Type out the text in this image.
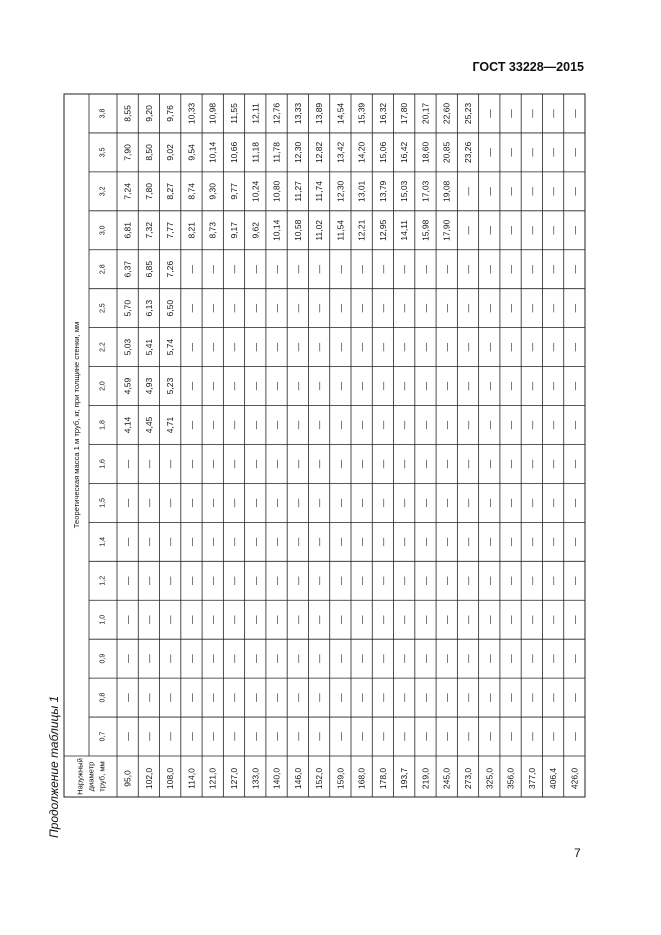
ГОСТ 33228—2015
Продолжение таблицы 1
Теоретическая масса 1 м труб, кг, при толщине стенки, мм
Наружный диаметр труб, мм
0,7
0,8
0,9
1,0
1,2
1,4
1,5
1,6
1,8
2,0
2,2
2,5
2,8
3,0
3,2
3,5
3,8
95,0
—
—
—
—
—
—
—
—
4,14
4,59
5,03
5,70
6,37
6,81
7,24
7,90
8,55
102,0
—
—
—
—
—
—
—
—
4,45
4,93
5,41
6,13
6,85
7,32
7,80
8,50
9,20
108,0
—
—
—
—
—
—
—
—
4,71
5,23
5,74
6,50
7,26
7,77
8,27
9,02
9,76
114,0
—
—
—
—
—
—
—
—
—
—
—
—
—
8,21
8,74
9,54
10,33
121,0
—
—
—
—
—
—
—
—
—
—
—
—
—
8,73
9,30
10,14
10,98
127,0
—
—
—
—
—
—
—
—
—
—
—
—
—
9,17
9,77
10,66
11,55
133,0
—
—
—
—
—
—
—
—
—
—
—
—
—
9,62
10,24
11,18
12,11
140,0
—
—
—
—
—
—
—
—
—
—
—
—
—
10,14
10,80
11,78
12,76
146,0
—
—
—
—
—
—
—
—
—
—
—
—
—
10,58
11,27
12,30
13,33
152,0
—
—
—
—
—
—
—
—
—
—
—
—
—
11,02
11,74
12,82
13,89
159,0
—
—
—
—
—
—
—
—
—
—
—
—
—
11,54
12,30
13,42
14,54
168,0
—
—
—
—
—
—
—
—
—
—
—
—
—
12,21
13,01
14,20
15,39
178,0
—
—
—
—
—
—
—
—
—
—
—
—
—
12,95
13,79
15,06
16,32
193,7
—
—
—
—
—
—
—
—
—
—
—
—
—
14,11
15,03
16,42
17,80
219,0
—
—
—
—
—
—
—
—
—
—
—
—
—
15,98
17,03
18,60
20,17
245,0
—
—
—
—
—
—
—
—
—
—
—
—
—
17,90
19,08
20,85
22,60
273,0
—
—
—
—
—
—
—
—
—
—
—
—
—
—
—
23,26
25,23
325,0
—
—
—
—
—
—
—
—
—
—
—
—
—
—
—
—
—
356,0
—
—
—
—
—
—
—
—
—
—
—
—
—
—
—
—
—
377,0
—
—
—
—
—
—
—
—
—
—
—
—
—
—
—
—
—
406,4
—
—
—
—
—
—
—
—
—
—
—
—
—
—
—
—
—
426,0
—
—
—
—
—
—
—
—
—
—
—
—
—
—
—
—
—
7
